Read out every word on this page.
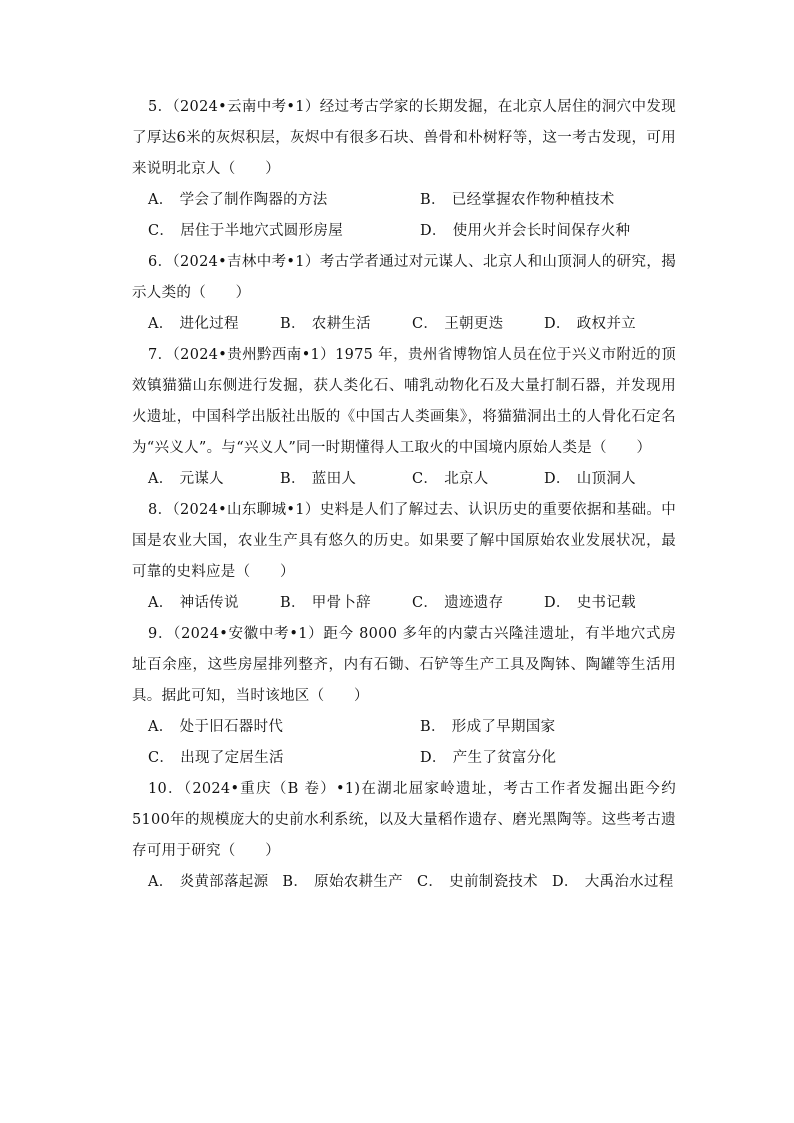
5．（2024•云南中考•1）经过考古学家的长期发掘，在北京人居住的洞穴中发现了厚达6米的灰烬积层，灰烬中有很多石块、兽骨和朴树籽等，这一考古发现，可用来说明北京人（　　）

A． 学会了制作陶器的方法	B． 已经掌握农作物种植技术
C． 居住于半地穴式圆形房屋	D． 使用火并会长时间保存火种

6．（2024•吉林中考•1）考古学者通过对元谋人、北京人和山顶洞人的研究，揭示人类的（　　）

A． 进化过程	B． 农耕生活	C． 王朝更迭	D． 政权并立

7．（2024•贵州黔西南•1）1975 年，贵州省博物馆人员在位于兴义市附近的顶效镇猫猫山东侧进行发掘，获人类化石、哺乳动物化石及大量打制石器，并发现用火遗址，中国科学出版社出版的《中国古人类画集》，将猫猫洞出土的人骨化石定名为“兴义人”。与“兴义人”同一时期懂得人工取火的中国境内原始人类是（　　）

A． 元谋人	B． 蓝田人	C． 北京人	D． 山顶洞人

8．（2024•山东聊城•1）史料是人们了解过去、认识历史的重要依据和基础。中国是农业大国，农业生产具有悠久的历史。如果要了解中国原始农业发展状况，最可靠的史料应是（　　）

A． 神话传说	B． 甲骨卜辞	C． 遗迹遗存	D． 史书记载

9．（2024•安徽中考•1）距今 8000 多年的内蒙古兴隆洼遗址，有半地穴式房址百余座，这些房屋排列整齐，内有石锄、石铲等生产工具及陶钵、陶罐等生活用具。据此可知，当时该地区（　　）

A． 处于旧石器时代	B． 形成了早期国家
C． 出现了定居生活	D． 产生了贫富分化

10．（2024•重庆（B 卷）•1)在湖北屈家岭遗址，考古工作者发掘出距今约5100年的规模庞大的史前水利系统，以及大量稻作遗存、磨光黑陶等。这些考古遗存可用于研究（　　）

A． 炎黄部落起源 B． 原始农耕生产 C． 史前制瓷技术 D． 大禹治水过程
